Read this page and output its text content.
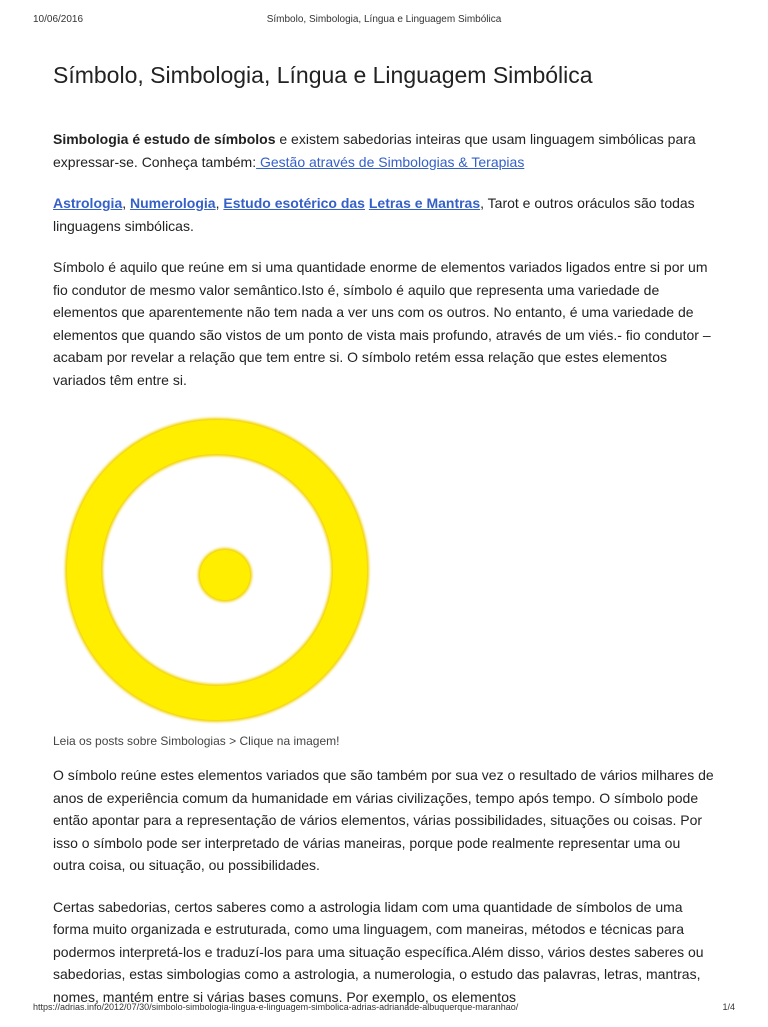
10/06/2016	Símbolo, Simbologia, Língua e Linguagem Simbólica
Símbolo, Simbologia, Língua e Linguagem Simbólica

Simbologia é estudo de símbolos e existem sabedorias inteiras que usam linguagem simbólicas para expressar-se. Conheça também: Gestão através de Simbologias & Terapias

Astrologia, Numerologia, Estudo esotérico das Letras e Mantras, Tarot e outros oráculos são todas linguagens simbólicas.

Símbolo é aquilo que reúne em si uma quantidade enorme de elementos variados ligados entre si por um fio condutor de mesmo valor semântico.Isto é, símbolo é aquilo que representa uma variedade de elementos que aparentemente não tem nada a ver uns com os outros. No entanto, é uma variedade de elementos que quando são vistos de um ponto de vista mais profundo, através de um viés.- fio condutor – acabam por revelar a relação que tem entre si. O símbolo retém essa relação que estes elementos variados têm entre si.

Leia os posts sobre Simbologias > Clique na imagem!

O símbolo reúne estes elementos variados que são também por sua vez o resultado de vários milhares de anos de experiência comum da humanidade em várias civilizações, tempo após tempo. O símbolo pode então apontar para a representação de vários elementos, várias possibilidades, situações ou coisas. Por isso o símbolo pode ser interpretado de várias maneiras, porque pode realmente representar uma ou outra coisa, ou situação, ou possibilidades.

Certas sabedorias, certos saberes como a astrologia lidam com uma quantidade de símbolos de uma forma muito organizada e estruturada, como uma linguagem, com maneiras, métodos e técnicas para podermos interpretá-los e traduzí-los para uma situação específica.Além disso, vários destes saberes ou sabedorias, estas simbologias como a astrologia, a numerologia, o estudo das palavras, letras, mantras, nomes, mantém entre si várias bases comuns. Por exemplo, os elementos

https://adrias.info/2012/07/30/simbolo-simbologia-lingua-e-linguagem-simbolica-adrias-adrianade-albuquerque-maranhao/	1/4
